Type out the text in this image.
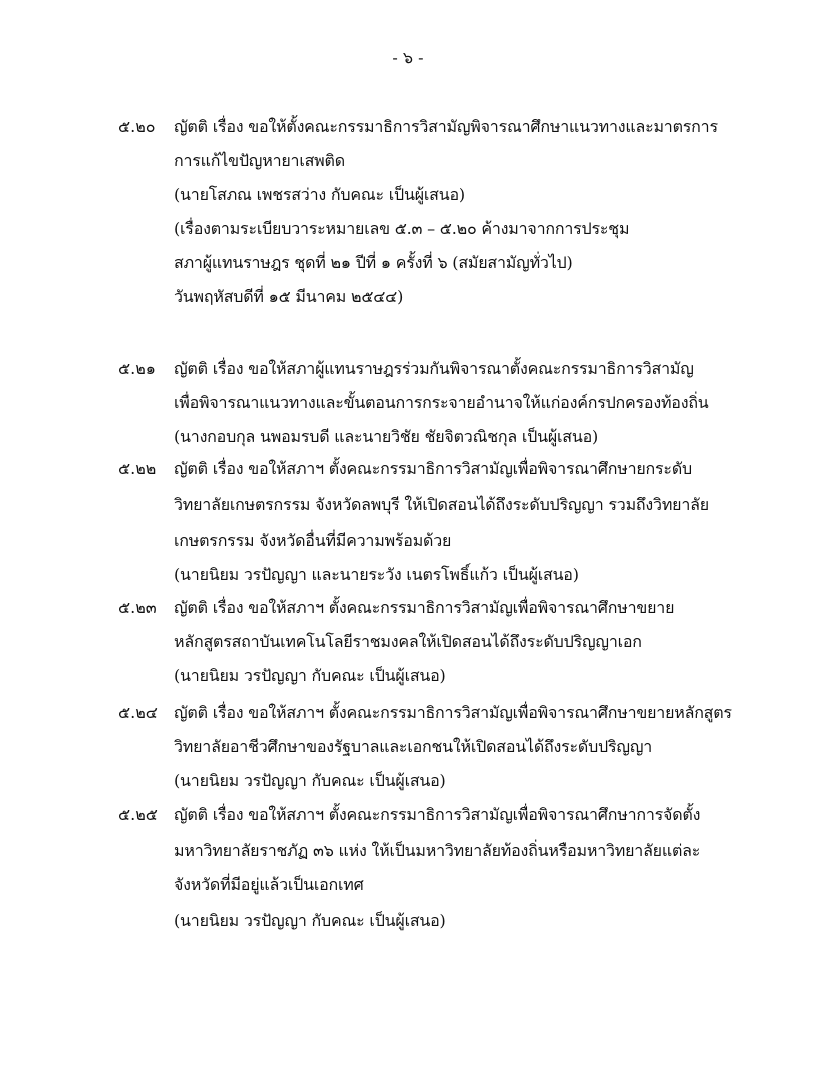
- ๖ -
๕.๒๐	ญัตติ เรื่อง ขอให้ตั้งคณะกรรมาธิการวิสามัญพิจารณาศึกษาแนวทางและมาตรการ
การแก้ไขปัญหายาเสพติด
(นายโสภณ เพชรสว่าง กับคณะ เป็นผู้เสนอ)
(เรื่องตามระเบียบวาระหมายเลข ๕.๓ – ๕.๒๐ ค้างมาจากการประชุม
สภาผู้แทนราษฎร ชุดที่ ๒๑ ปีที่ ๑ ครั้งที่ ๖ (สมัยสามัญทั่วไป)
วันพฤหัสบดีที่ ๑๕ มีนาคม ๒๕๔๔)
๕.๒๑	ญัตติ เรื่อง ขอให้สภาผู้แทนราษฎรร่วมกันพิจารณาตั้งคณะกรรมาธิการวิสามัญ
เพื่อพิจารณาแนวทางและขั้นตอนการกระจายอำนาจให้แก่องค์กรปกครองท้องถิ่น
(นางกอบกุล นพอมรบดี และนายวิชัย ชัยจิตวณิชกุล เป็นผู้เสนอ)
๕.๒๒	ญัตติ เรื่อง ขอให้สภาฯ ตั้งคณะกรรมาธิการวิสามัญเพื่อพิจารณาศึกษายกระดับ
วิทยาลัยเกษตรกรรม จังหวัดลพบุรี ให้เปิดสอนได้ถึงระดับปริญญา รวมถึงวิทยาลัย
เกษตรกรรม จังหวัดอื่นที่มีความพร้อมด้วย
(นายนิยม วรปัญญา และนายระวัง เนตรโพธิ์แก้ว เป็นผู้เสนอ)
๕.๒๓	ญัตติ เรื่อง ขอให้สภาฯ ตั้งคณะกรรมาธิการวิสามัญเพื่อพิจารณาศึกษาขยาย
หลักสูตรสถาบันเทคโนโลยีราชมงคลให้เปิดสอนได้ถึงระดับปริญญาเอก
(นายนิยม วรปัญญา กับคณะ เป็นผู้เสนอ)
๕.๒๔	ญัตติ เรื่อง ขอให้สภาฯ ตั้งคณะกรรมาธิการวิสามัญเพื่อพิจารณาศึกษาขยายหลักสูตร
วิทยาลัยอาชีวศึกษาของรัฐบาลและเอกชนให้เปิดสอนได้ถึงระดับปริญญา
(นายนิยม วรปัญญา กับคณะ เป็นผู้เสนอ)
๕.๒๕	ญัตติ เรื่อง ขอให้สภาฯ ตั้งคณะกรรมาธิการวิสามัญเพื่อพิจารณาศึกษาการจัดตั้ง
มหาวิทยาลัยราชภัฏ ๓๖ แห่ง ให้เป็นมหาวิทยาลัยท้องถิ่นหรือมหาวิทยาลัยแต่ละ
จังหวัดที่มีอยู่แล้วเป็นเอกเทศ
(นายนิยม วรปัญญา กับคณะ เป็นผู้เสนอ)
